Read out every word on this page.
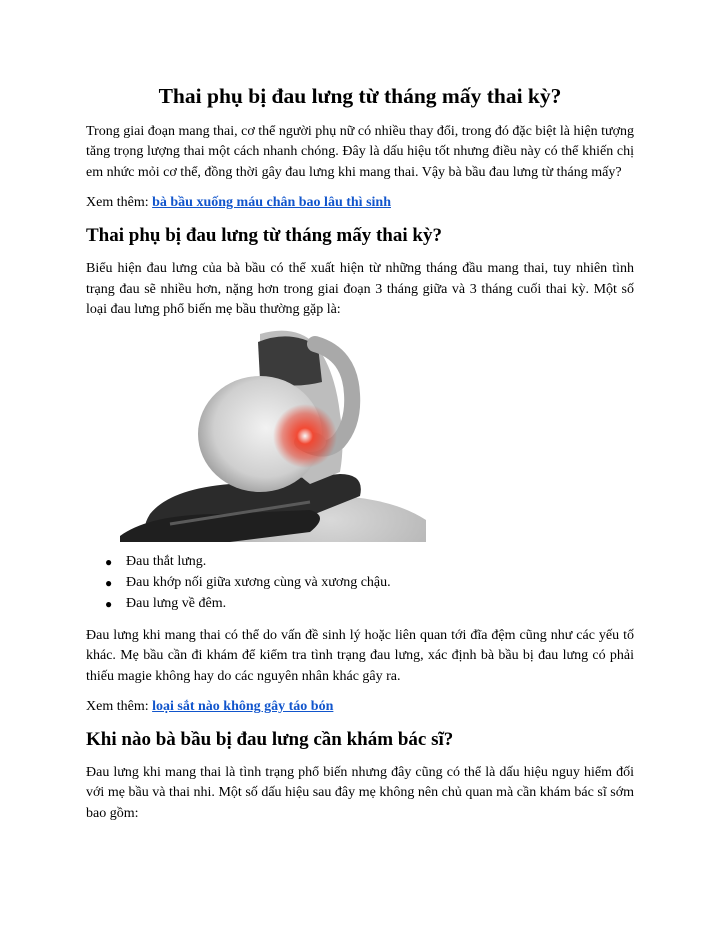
Thai phụ bị đau lưng từ tháng mấy thai kỳ?

Trong giai đoạn mang thai, cơ thể người phụ nữ có nhiều thay đổi, trong đó đặc biệt là hiện tượng tăng trọng lượng thai một cách nhanh chóng. Đây là dấu hiệu tốt nhưng điều này có thể khiến chị em nhức mỏi cơ thể, đồng thời gây đau lưng khi mang thai. Vậy bà bầu đau lưng từ tháng mấy?

Xem thêm: bà bầu xuống máu chân bao lâu thì sinh
Thai phụ bị đau lưng từ tháng mấy thai kỳ?

Biểu hiện đau lưng của bà bầu có thể xuất hiện từ những tháng đầu mang thai, tuy nhiên tình trạng đau sẽ nhiều hơn, nặng hơn trong giai đoạn 3 tháng giữa và 3 tháng cuối thai kỳ. Một số loại đau lưng phổ biến mẹ bầu thường gặp là:

● Đau thắt lưng.
● Đau khớp nối giữa xương cùng và xương chậu.
● Đau lưng về đêm.

Đau lưng khi mang thai có thể do vấn đề sinh lý hoặc liên quan tới đĩa đệm cũng như các yếu tố khác. Mẹ bầu cần đi khám để kiểm tra tình trạng đau lưng, xác định bà bầu bị đau lưng có phải thiếu magie không hay do các nguyên nhân khác gây ra.

Xem thêm: loại sắt nào không gây táo bón
Khi nào bà bầu bị đau lưng cần khám bác sĩ?

Đau lưng khi mang thai là tình trạng phổ biến nhưng đây cũng có thể là dấu hiệu nguy hiểm đối với mẹ bầu và thai nhi. Một số dấu hiệu sau đây mẹ không nên chủ quan mà cần khám bác sĩ sớm bao gồm:
